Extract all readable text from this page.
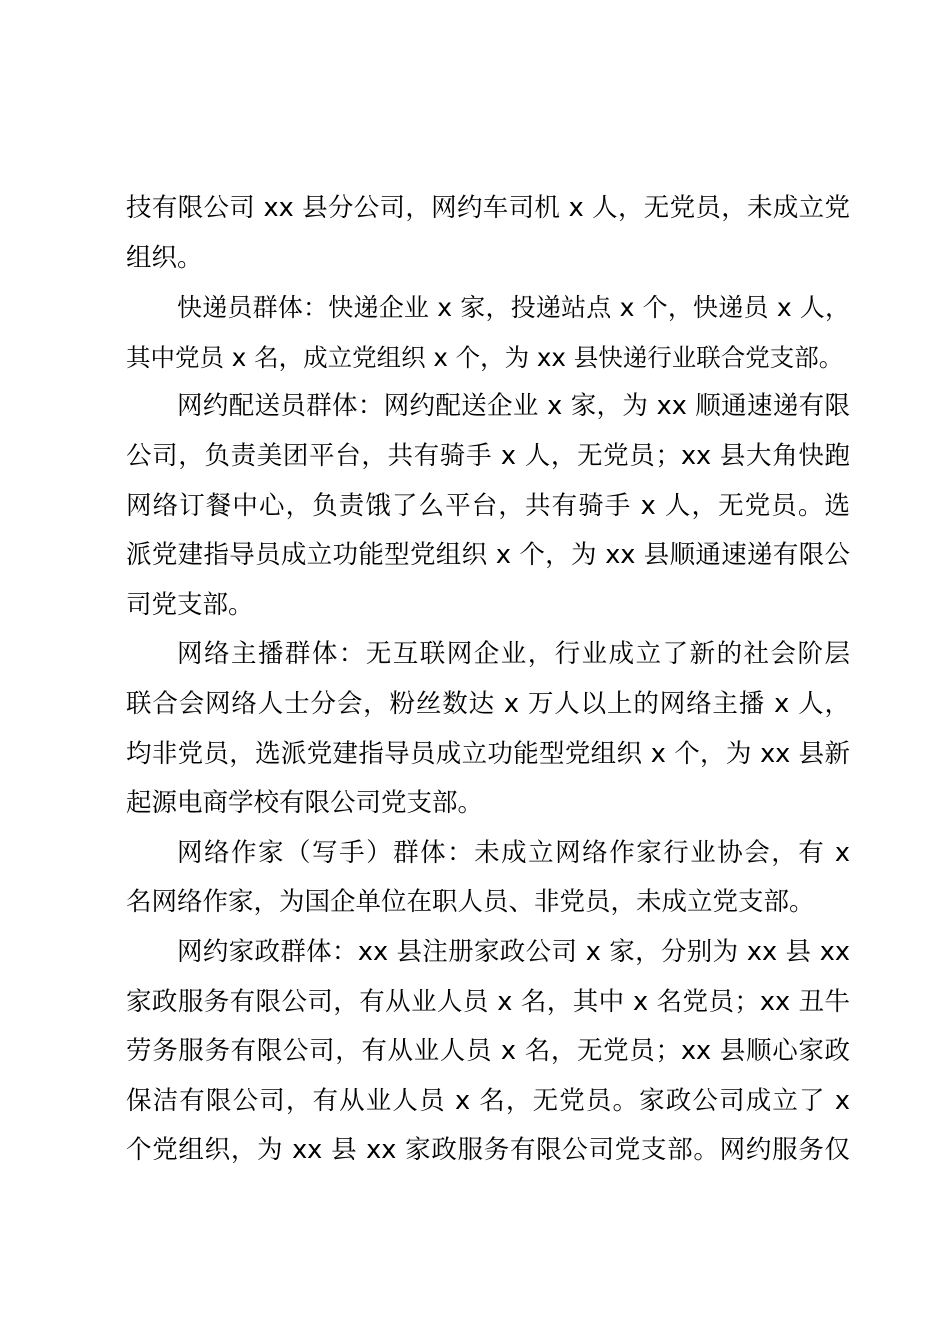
技有限公司 xx 县分公司，网约车司机 x 人，无党员，未成立党
组织。
快递员群体：快递企业 x 家，投递站点 x 个，快递员 x 人，
其中党员 x 名，成立党组织 x 个，为 xx 县快递行业联合党支部。
网约配送员群体：网约配送企业 x 家，为 xx 顺通速递有限
公司，负责美团平台，共有骑手 x 人，无党员；xx 县大角快跑
网络订餐中心，负责饿了么平台，共有骑手 x 人，无党员。选
派党建指导员成立功能型党组织 x 个，为 xx 县顺通速递有限公
司党支部。
网络主播群体：无互联网企业，行业成立了新的社会阶层
联合会网络人士分会，粉丝数达 x 万人以上的网络主播 x 人，
均非党员，选派党建指导员成立功能型党组织 x 个，为 xx 县新
起源电商学校有限公司党支部。
网络作家（写手）群体：未成立网络作家行业协会，有 x
名网络作家，为国企单位在职人员、非党员，未成立党支部。
网约家政群体：xx 县注册家政公司 x 家，分别为 xx 县 xx
家政服务有限公司，有从业人员 x 名，其中 x 名党员；xx 丑牛
劳务服务有限公司，有从业人员 x 名，无党员；xx 县顺心家政
保洁有限公司，有从业人员 x 名，无党员。家政公司成立了 x
个党组织，为 xx 县 xx 家政服务有限公司党支部。网约服务仅
